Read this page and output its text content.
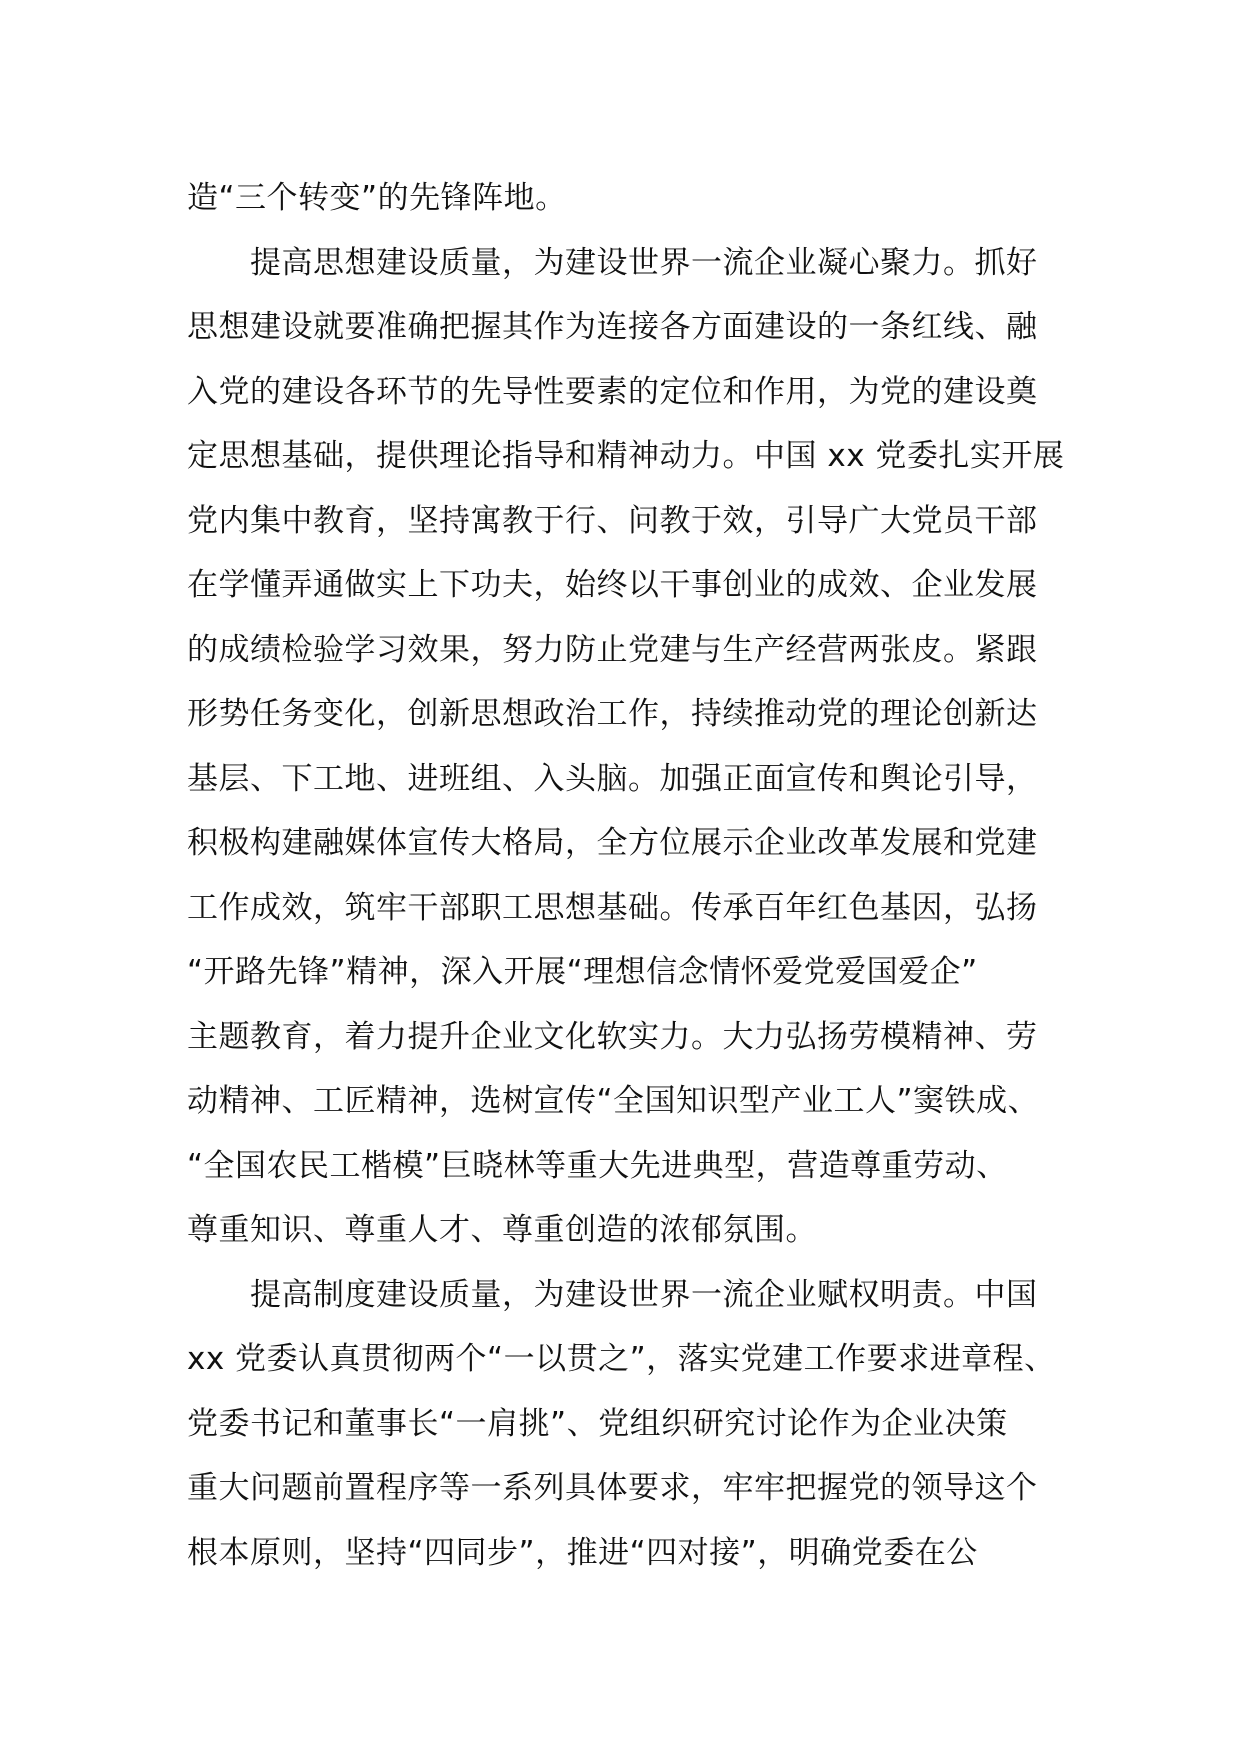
造“三个转变”的先锋阵地。
　　提高思想建设质量，为建设世界一流企业凝心聚力。抓好
思想建设就要准确把握其作为连接各方面建设的一条红线、融
入党的建设各环节的先导性要素的定位和作用，为党的建设奠
定思想基础，提供理论指导和精神动力。中国 xx 党委扎实开展
党内集中教育，坚持寓教于行、问教于效，引导广大党员干部
在学懂弄通做实上下功夫，始终以干事创业的成效、企业发展
的成绩检验学习效果，努力防止党建与生产经营两张皮。紧跟
形势任务变化，创新思想政治工作，持续推动党的理论创新达
基层、下工地、进班组、入头脑。加强正面宣传和舆论引导，
积极构建融媒体宣传大格局，全方位展示企业改革发展和党建
工作成效，筑牢干部职工思想基础。传承百年红色基因，弘扬
“开路先锋”精神，深入开展“理想信念情怀爱党爱国爱企”
主题教育，着力提升企业文化软实力。大力弘扬劳模精神、劳
动精神、工匠精神，选树宣传“全国知识型产业工人”窦铁成、
“全国农民工楷模”巨晓林等重大先进典型，营造尊重劳动、
尊重知识、尊重人才、尊重创造的浓郁氛围。
　　提高制度建设质量，为建设世界一流企业赋权明责。中国
xx 党委认真贯彻两个“一以贯之”，落实党建工作要求进章程、
党委书记和董事长“一肩挑”、党组织研究讨论作为企业决策
重大问题前置程序等一系列具体要求，牢牢把握党的领导这个
根本原则，坚持“四同步”，推进“四对接”，明确党委在公
